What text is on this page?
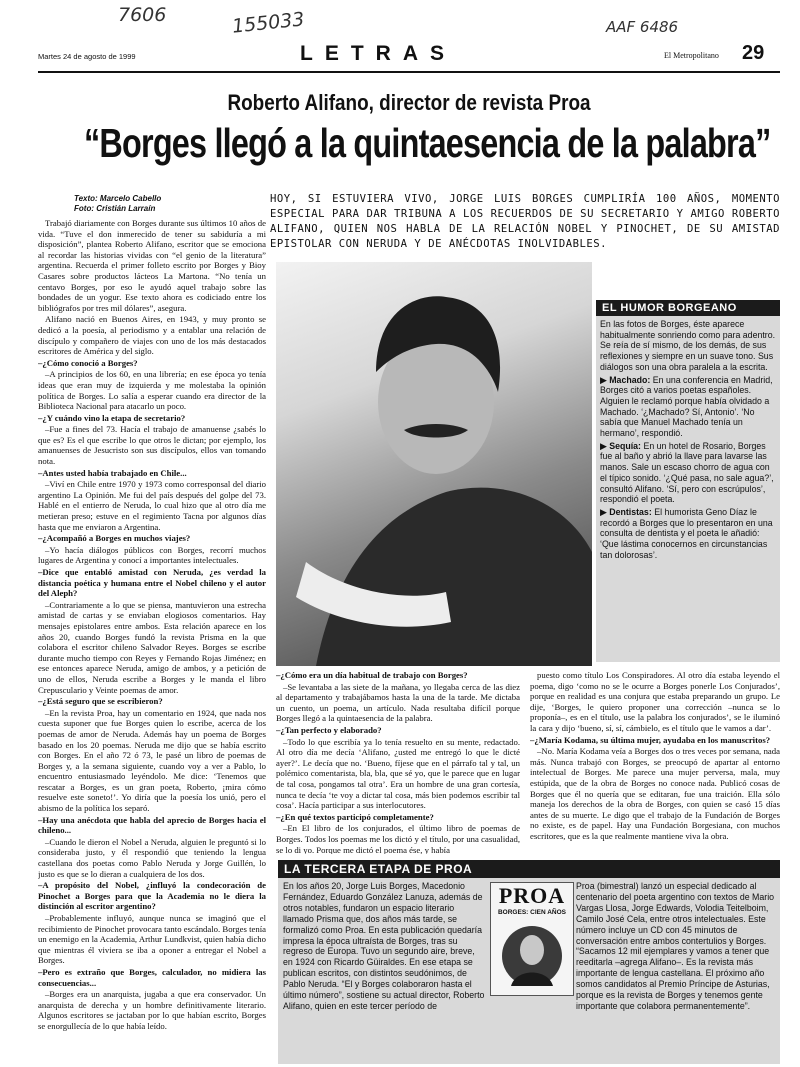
7606	155033	AAF 6486
Martes 24 de agosto de 1999	LETRAS	El Metropolitano 29
Roberto Alifano, director de revista Proa
“Borges llegó a la quintaesencia de la palabra”
Texto: Marcelo Cabello
Foto: Cristián Larraín
HOY, SI ESTUVIERA VIVO, JORGE LUIS BORGES CUMPLIRÍA 100 AÑOS, MOMENTO ESPECIAL PARA DAR TRIBUNA A LOS RECUERDOS DE SU SECRETARIO Y AMIGO ROBERTO ALIFANO, QUIEN NOS HABLA DE LA RELACIÓN NOBEL Y PINOCHET, DE SU AMISTAD EPISTOLAR CON NERUDA Y DE ANÉCDOTAS INOLVIDABLES.

Trabajó diariamente con Borges durante sus últimos 10 años de vida. “Tuve el don inmerecido de tener su sabiduría a mi disposición”, plantea Roberto Alifano, escritor que se emociona al recordar las historias vividas con “el genio de la literatura” argentina. Recuerda el primer folleto escrito por Borges y Bioy Casares sobre productos lácteos La Martona. “No tenía un centavo Borges, por eso le ayudó aquel trabajo sobre las bondades de un yogur. Ese texto ahora es codiciado entre los bibliógrafos por tres mil dólares”, asegura.

Alifano nació en Buenos Aires, en 1943, y muy pronto se dedicó a la poesía, al periodismo y a entablar una relación de discípulo y compañero de viajes con uno de los más destacados escritores de América y del siglo.

–¿Cómo conoció a Borges?

–A principios de los 60, en una librería; en ese época yo tenía ideas que eran muy de izquierda y me molestaba la opinión política de Borges. Lo salía a esperar cuando era director de la Biblioteca Nacional para atacarlo un poco.

–¿Y cuándo vino la etapa de secretario?

–Fue a fines del 73. Hacía el trabajo de amanuense ¿sabés lo que es? Es el que escribe lo que otros le dictan; por ejemplo, los amanuenses de Jesucristo son sus discípulos, ellos van tomando nota.

–Antes usted había trabajado en Chile...

–Viví en Chile entre 1970 y 1973 como corresponsal del diario argentino La Opinión. Me fui del país después del golpe del 73. Hablé en el entierro de Neruda, lo cual hizo que al otro día me metieran preso; estuve en el regimiento Tacna por algunos días hasta que me enviaron a Argentina.

–¿Acompañó a Borges en muchos viajes?

–Yo hacía diálogos públicos con Borges, recorrí muchos lugares de Argentina y conocí a importantes intelectuales.

–Dice que entabló amistad con Neruda, ¿es verdad la distancia poética y humana entre el Nobel chileno y el autor del Aleph?

–Contrariamente a lo que se piensa, mantuvieron una estrecha amistad de cartas y se enviaban elogiosos comentarios. Hay mensajes epistolares entre ambos. Esta relación aparece en los años 20, cuando Borges fundó la revista Prisma en la que colabora el escritor chileno Salvador Reyes. Borges se escribe durante mucho tiempo con Reyes y Fernando Rojas Jiménez; en ese entonces aparece Neruda, amigo de ambos, y a petición de uno de ellos, Neruda escribe a Borges y le manda el libro Crepusculario y Veinte poemas de amor.

–¿Está seguro que se escribieron?

–En la revista Proa, hay un comentario en 1924, que nada nos cuesta suponer que fue Borges quien lo escribe, acerca de los poemas de amor de Neruda. Además hay un poema de Borges basado en los 20 poemas. Neruda me dijo que se había escrito con Borges. En el año 72 ó 73, le pasé un libro de poemas de Borges y, a la semana siguiente, cuando voy a ver a Pablo, lo encuentro entusiasmado leyéndolo. Me dice: ‘Tenemos que rescatar a Borges, es un gran poeta, Roberto, ¡mira cómo resuelve este soneto!’. Yo diría que la poesía los unió, pero el abismo de la política los separó.

–Hay una anécdota que habla del aprecio de Borges hacia el chileno...

–Cuando le dieron el Nobel a Neruda, alguien le preguntó si lo consideraba justo, y él respondió que teniendo la lengua castellana dos poetas como Pablo Neruda y Jorge Guillén, lo justo es que se lo dieran a cualquiera de los dos.

–A propósito del Nobel, ¿influyó la condecoración de Pinochet a Borges para que la Academia no le diera la distinción al escritor argentino?

–Probablemente influyó, aunque nunca se imaginó que el recibimiento de Pinochet provocara tanto escándalo. Borges tenía un enemigo en la Academia, Arthur Lundkvist, quien había dicho que mientras él viviera se iba a oponer a entregar el Nobel a Borges.

–Pero es extraño que Borges, calculador, no midiera las consecuencias...

–Borges era un anarquista, jugaba a que era conservador. Un anarquista de derecha y un hombre definitivamente literario. Algunos escritores se jactaban por lo que habían escrito, Borges se enorgullecía de lo que había leído.

–¿Cómo era un día habitual de trabajo con Borges?

–Se levantaba a las siete de la mañana, yo llegaba cerca de las diez al departamento y trabajábamos hasta la una de la tarde. Me dictaba un cuento, un poema, un artículo. Nada resultaba difícil porque Borges llegó a la quintaesencia de la palabra.

–¿Tan perfecto y elaborado?

–Todo lo que escribía ya lo tenía resuelto en su mente, redactado. Al otro día me decía ‘Alifano, ¿usted me entregó lo que le dicté ayer?’. Le decía que no. ‘Bueno, fíjese que en el párrafo tal y tal, un polémico comentarista, bla, bla, que sé yo, que le parece que en lugar de tal cosa, pongamos tal otra’. Era un hombre de una gran cortesía, nunca te decía ‘te voy a dictar tal cosa, más bien podemos escribir tal cosa’. Hacía participar a sus interlocutores.

–¿En qué textos participó completamente?

–En El libro de los conjurados, el último libro de poemas de Borges. Todos los poemas me los dictó y el título, por una casualidad, se lo di yo. Porque me dictó el poema ése, y había

puesto como título Los Conspiradores. Al otro día estaba leyendo el poema, digo ‘como no se le ocurre a Borges ponerle Los Conjurados’, porque en realidad es una conjura que estaba preparando un grupo. Le dije, ‘Borges, le quiero proponer una corrección –nunca se lo proponía–, es en el título, use la palabra los conjurados’, se le iluminó la cara y dijo ‘bueno, sí, sí, cámbielo, es el título que le vamos a dar’.

–¿María Kodama, su última mujer, ayudaba en los manuscritos?

–No. María Kodama veía a Borges dos o tres veces por semana, nada más. Nunca trabajó con Borges, se preocupó de apartar al entorno intelectual de Borges. Me parece una mujer perversa, mala, muy estúpida, que de la obra de Borges no conoce nada. Publicó cosas de Borges que él no quería que se editaran, fue una traición. Ella sólo maneja los derechos de la obra de Borges, con quien se casó 15 días antes de su muerte. Le digo que el trabajo de la Fundación de Borges no existe, es de papel. Hay una Fundación Borgesiana, con muchos escritores, que es la que realmente mantiene viva la obra.

EL HUMOR BORGEANO
En las fotos de Borges, éste aparece habitualmente sonriendo como para adentro. Se reía de sí mismo, de los demás, de sus reflexiones y siempre en un suave tono. Sus diálogos son una obra paralela a la escrita.
▶ Machado: En una conferencia en Madrid, Borges citó a varios poetas españoles. Alguien le reclamó porque había olvidado a Machado. ‘¿Machado? Sí, Antonio’. ‘No sabía que Manuel Machado tenía un hermano’, respondió.
▶ Sequía: En un hotel de Rosario, Borges fue al baño y abrió la llave para lavarse las manos. Sale un escaso chorro de agua con el típico sonido. ‘¿Qué pasa, no sale agua?’, consultó Alifano. ‘Sí, pero con escrúpulos’, respondió el poeta.
▶ Dentistas: El humorista Geno Díaz le recordó a Borges que lo presentaron en una consulta de dentista y el poeta le añadió: ‘Que lástima conocernos en circunstancias tan dolorosas’.
LA TERCERA ETAPA DE PROA
En los años 20, Jorge Luis Borges, Macedonio Fernández, Eduardo González Lanuza, además de otros notables, fundaron un espacio literario llamado Prisma que, dos años más tarde, se formalizó como Proa. En esta publicación quedaría impresa la época ultraísta de Borges, tras su regreso de Europa. Tuvo un segundo aire, breve, en 1924 con Ricardo Güiraldes. En ese etapa se publican escritos, con distintos seudónimos, de Pablo Neruda. “El y Borges colaboraron hasta el último número”, sostiene su actual director, Roberto Alifano, quien en este tercer período de
PROA
BORGES: CIEN AÑOS
Proa (bimestral) lanzó un especial dedicado al centenario del poeta argentino con textos de Mario Vargas Llosa, Jorge Edwards, Volodia Teitelboim, Camilo José Cela, entre otros intelectuales. Este número incluye un CD con 45 minutos de conversación entre ambos contertulios y Borges. “Sacamos 12 mil ejemplares y vamos a tener que reeditarla –agrega Alifano–. Es la revista más importante de lengua castellana. El próximo año somos candidatos al Premio Príncipe de Asturias, porque es la revista de Borges y tenemos gente importante que colabora permanentemente”.
